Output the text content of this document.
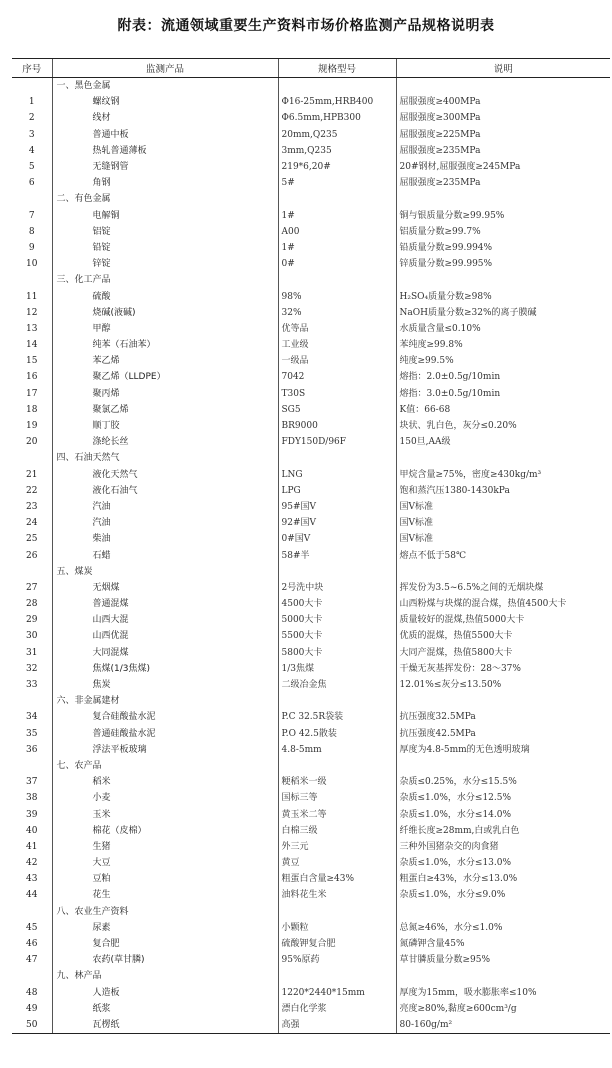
附表：流通领域重要生产资料市场价格监测产品规格说明表
序号	监测产品	规格型号	说明
	一、黑色金属		
1	螺纹钢	Φ16-25mm,HRB400	屈服强度≥400MPa
2	线材	Φ6.5mm,HPB300	屈服强度≥300MPa
3	普通中板	20mm,Q235	屈服强度≥225MPa
4	热轧普通薄板	3mm,Q235	屈服强度≥235MPa
5	无缝钢管	219*6,20#	20#钢材,屈服强度≥245MPa
6	角钢	5#	屈服强度≥235MPa
	二、有色金属		
7	电解铜	1#	铜与银质量分数≥99.95%
8	铝锭	A00	铝质量分数≥99.7%
9	铅锭	1#	铅质量分数≥99.994%
10	锌锭	0#	锌质量分数≥99.995%
	三、化工产品		
11	硫酸	98%	H₂SO₄质量分数≥98%
12	烧碱(液碱)	32%	NaOH质量分数≥32%的离子膜碱
13	甲醇	优等品	水质量含量≤0.10%
14	纯苯（石油苯）	工业级	苯纯度≥99.8%
15	苯乙烯	一级品	纯度≥99.5%
16	聚乙烯（LLDPE）	7042	熔指：2.0±0.5g/10min
17	聚丙烯	T30S	熔指：3.0±0.5g/10min
18	聚氯乙烯	SG5	K值：66-68
19	顺丁胶	BR9000	块状、乳白色，灰分≤0.20%
20	涤纶长丝	FDY150D/96F	150旦,AA级
	四、石油天然气		
21	液化天然气	LNG	甲烷含量≥75%，密度≥430kg/m³
22	液化石油气	LPG	饱和蒸汽压1380-1430kPa
23	汽油	95#国Ⅴ	国Ⅴ标准
24	汽油	92#国Ⅴ	国Ⅴ标准
25	柴油	0#国Ⅴ	国Ⅴ标准
26	石蜡	58#半	熔点不低于58℃
	五、煤炭		
27	无烟煤	2号洗中块	挥发份为3.5~6.5%之间的无烟块煤
28	普通混煤	4500大卡	山西粉煤与块煤的混合煤，热值4500大卡
29	山西大混	5000大卡	质量较好的混煤,热值5000大卡
30	山西优混	5500大卡	优质的混煤，热值5500大卡
31	大同混煤	5800大卡	大同产混煤，热值5800大卡
32	焦煤(1/3焦煤)	1/3焦煤	干燥无灰基挥发份：28～37%
33	焦炭	二级冶金焦	12.01%≤灰分≤13.50%
	六、非金属建材		
34	复合硅酸盐水泥	P.C 32.5R袋装	抗压强度32.5MPa
35	普通硅酸盐水泥	P.O 42.5散装	抗压强度42.5MPa
36	浮法平板玻璃	4.8-5mm	厚度为4.8-5mm的无色透明玻璃
	七、农产品		
37	稻米	粳稻米一级	杂质≤0.25%，水分≤15.5%
38	小麦	国标三等	杂质≤1.0%，水分≤12.5%
39	玉米	黄玉米二等	杂质≤1.0%，水分≤14.0%
40	棉花（皮棉）	白棉三级	纤维长度≥28mm,白或乳白色
41	生猪	外三元	三种外国猪杂交的肉食猪
42	大豆	黄豆	杂质≤1.0%，水分≤13.0%
43	豆粕	粗蛋白含量≥43%	粗蛋白≥43%，水分≤13.0%
44	花生	油料花生米	杂质≤1.0%，水分≤9.0%
	八、农业生产资料		
45	尿素	小颗粒	总氮≥46%，水分≤1.0%
46	复合肥	硫酸钾复合肥	氮磷钾含量45%
47	农药(草甘膦)	95%原药	草甘膦质量分数≥95%
	九、林产品		
48	人造板	1220*2440*15mm	厚度为15mm，吸水膨胀率≤10%
49	纸浆	漂白化学浆	亮度≥80%,黏度≥600cm³/g
50	瓦楞纸	高强	80-160g/m²
